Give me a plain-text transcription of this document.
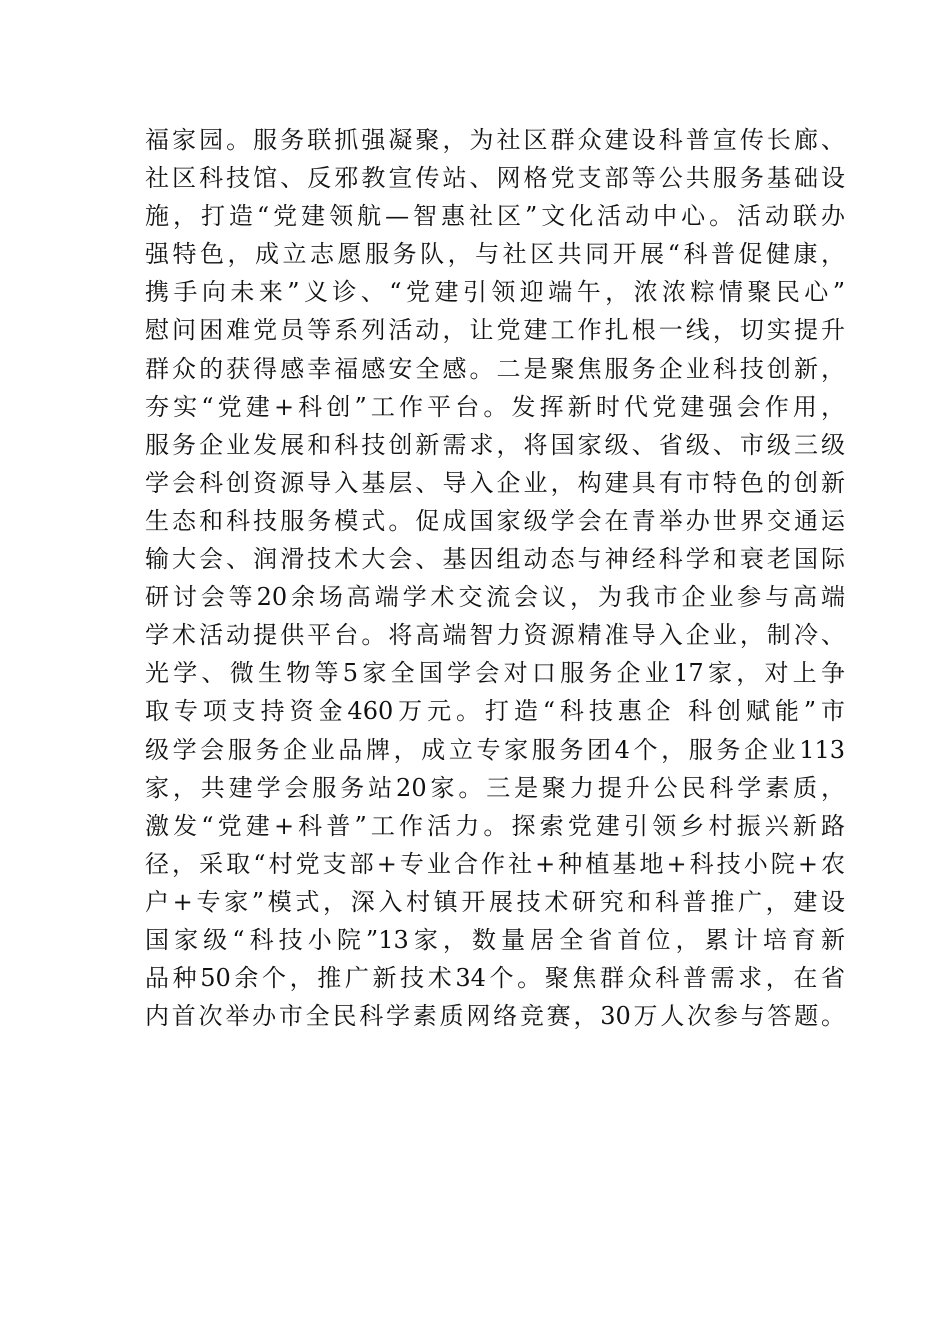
福家园。服务联抓强凝聚，为社区群众建设科普宣传长廊、
社区科技馆、反邪教宣传站、网格党支部等公共服务基础设
施，打造“党建领航—智惠社区”文化活动中心。活动联办
强特色，成立志愿服务队，与社区共同开展“科普促健康，
携手向未来”义诊、“党建引领迎端午，浓浓粽情聚民心”
慰问困难党员等系列活动，让党建工作扎根一线，切实提升
群众的获得感幸福感安全感。二是聚焦服务企业科技创新，
夯实“党建+科创”工作平台。发挥新时代党建强会作用，
服务企业发展和科技创新需求，将国家级、省级、市级三级
学会科创资源导入基层、导入企业，构建具有市特色的创新
生态和科技服务模式。促成国家级学会在青举办世界交通运
输大会、润滑技术大会、基因组动态与神经科学和衰老国际
研讨会等20余场高端学术交流会议，为我市企业参与高端
学术活动提供平台。将高端智力资源精准导入企业，制冷、
光学、微生物等5家全国学会对口服务企业17家，对上争
取专项支持资金460万元。打造“科技惠企 科创赋能”市
级学会服务企业品牌，成立专家服务团4个，服务企业113
家，共建学会服务站20家。三是聚力提升公民科学素质，
激发“党建+科普”工作活力。探索党建引领乡村振兴新路
径，采取“村党支部+专业合作社+种植基地+科技小院+农
户+专家”模式，深入村镇开展技术研究和科普推广，建设
国家级“科技小院”13家，数量居全省首位，累计培育新
品种50余个，推广新技术34个。聚焦群众科普需求，在省
内首次举办市全民科学素质网络竞赛，30万人次参与答题。
